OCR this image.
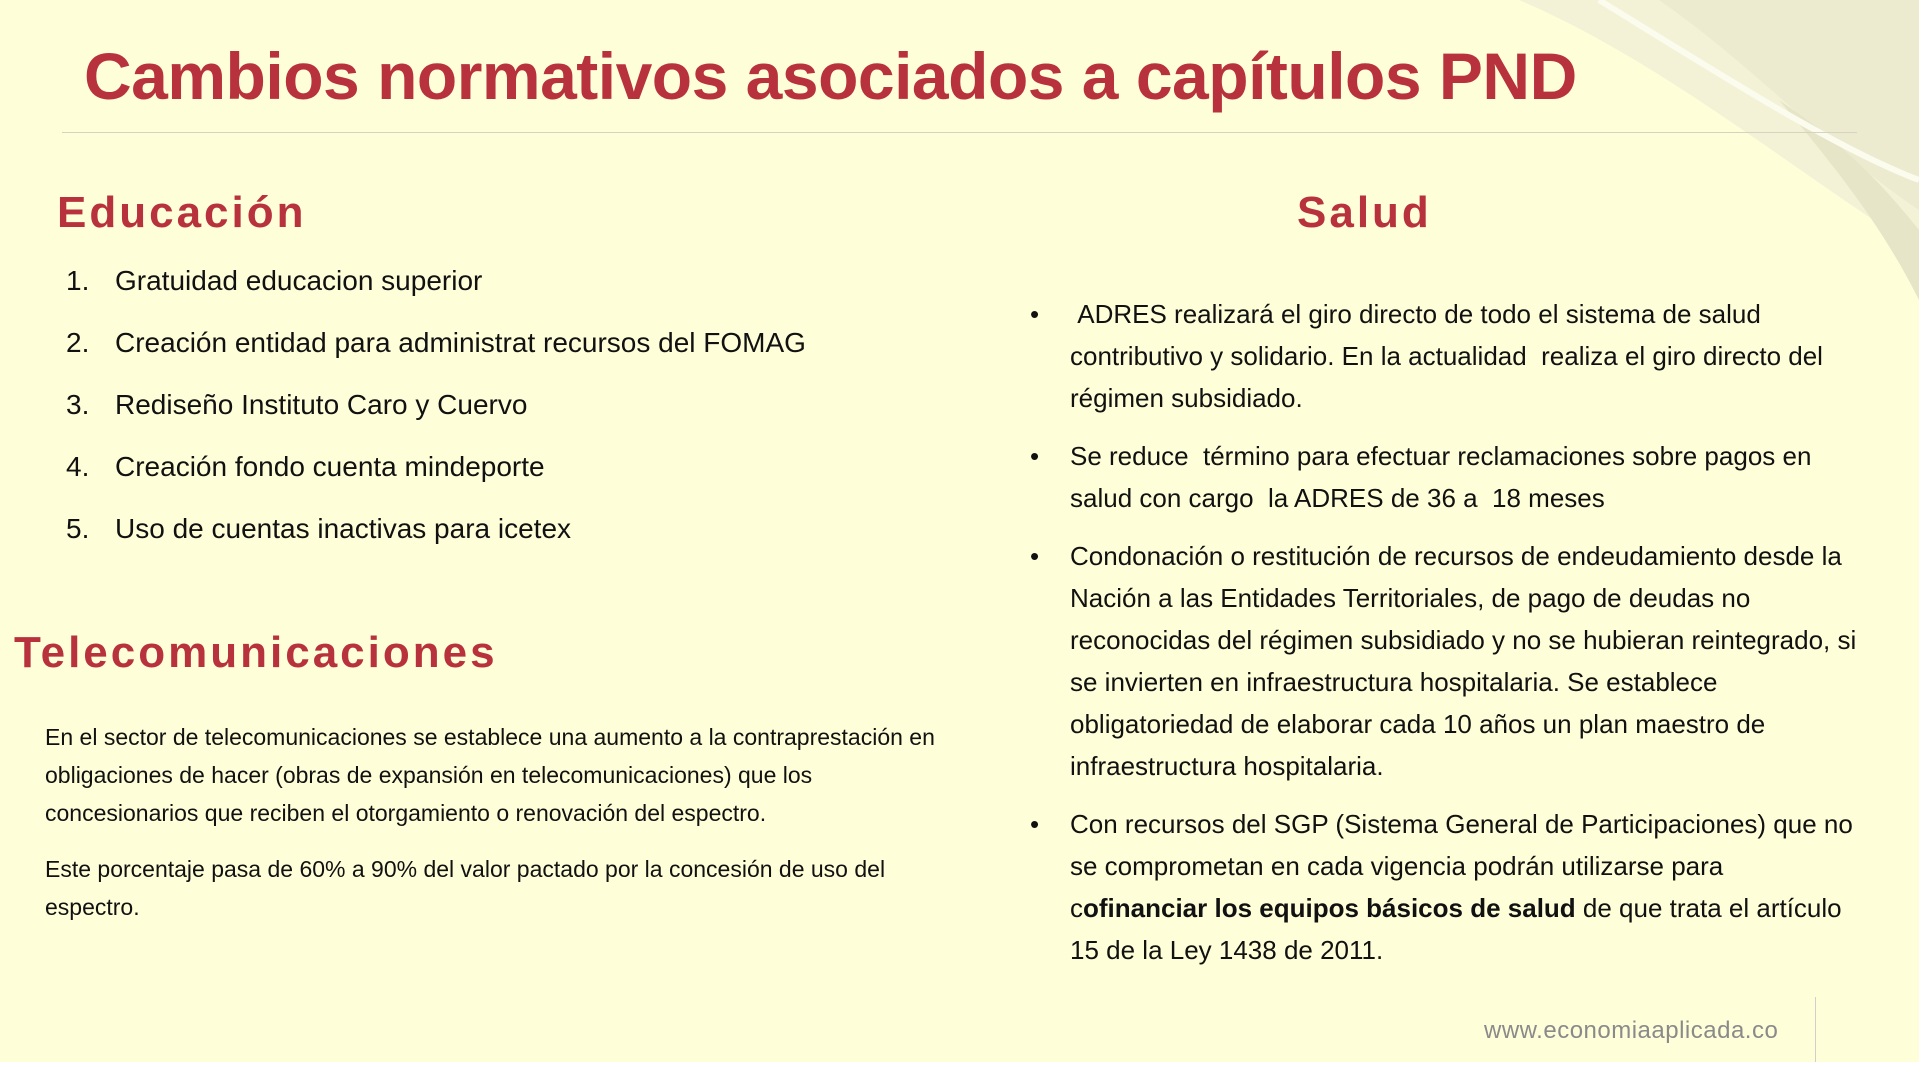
Cambios normativos asociados a capítulos PND
Educación
1. Gratuidad educacion superior
2. Creación entidad para administrat recursos del FOMAG
3. Rediseño Instituto Caro y Cuervo
4. Creación fondo cuenta mindeporte
5. Uso de cuentas inactivas para icetex
Telecomunicaciones

En el sector de telecomunicaciones se establece una aumento a la contraprestación en obligaciones de hacer (obras de expansión en telecomunicaciones) que los concesionarios que reciben el otorgamiento o renovación del espectro.

Este porcentaje pasa de 60% a 90% del valor pactado por la concesión de uso del espectro.

Salud
• ADRES realizará el giro directo de todo el sistema de salud contributivo y solidario. En la actualidad  realiza el giro directo del régimen subsidiado.
• Se reduce  término para efectuar reclamaciones sobre pagos en salud con cargo  la ADRES de 36 a  18 meses
• Condonación o restitución de recursos de endeudamiento desde la Nación a las Entidades Territoriales, de pago de deudas no reconocidas del régimen subsidiado y no se hubieran reintegrado, si se invierten en infraestructura hospitalaria. Se establece obligatoriedad de elaborar cada 10 años un plan maestro de infraestructura hospitalaria.
• Con recursos del SGP (Sistema General de Participaciones) que no se comprometan en cada vigencia podrán utilizarse para cofinanciar los equipos básicos de salud de que trata el artículo 15 de la Ley 1438 de 2011.
www.economiaaplicada.co
